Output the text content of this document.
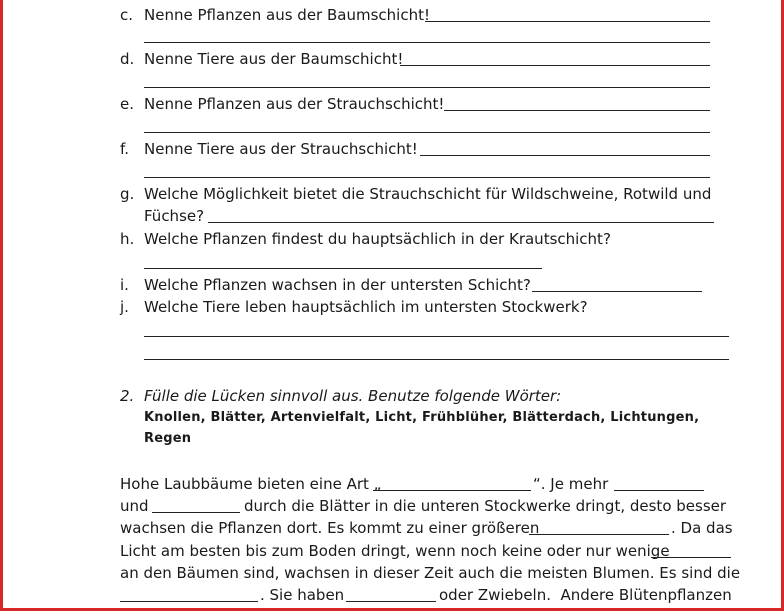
c. Nenne Pflanzen aus der Baumschicht!
d. Nenne Tiere aus der Baumschicht!
e. Nenne Pflanzen aus der Strauchschicht!
f. Nenne Tiere aus der Strauchschicht!
g. Welche Möglichkeit bietet die Strauchschicht für Wildschweine, Rotwild und
Füchse?
h. Welche Pflanzen findest du hauptsächlich in der Krautschicht?
i. Welche Pflanzen wachsen in der untersten Schicht?
j. Welche Tiere leben hauptsächlich im untersten Stockwerk?
2. Fülle die Lücken sinnvoll aus. Benutze folgende Wörter:
Knollen, Blätter, Artenvielfalt, Licht, Frühblüher, Blätterdach, Lichtungen,
Regen
Hohe Laubbäume bieten eine Art „	“. Je mehr
und	durch die Blätter in die unteren Stockwerke dringt, desto besser
wachsen die Pflanzen dort. Es kommt zu einer größeren	. Da das
Licht am besten bis zum Boden dringt, wenn noch keine oder nur wenige
an den Bäumen sind, wachsen in dieser Zeit auch die meisten Blumen. Es sind die
. Sie haben	oder Zwiebeln.  Andere Blütenpflanzen
